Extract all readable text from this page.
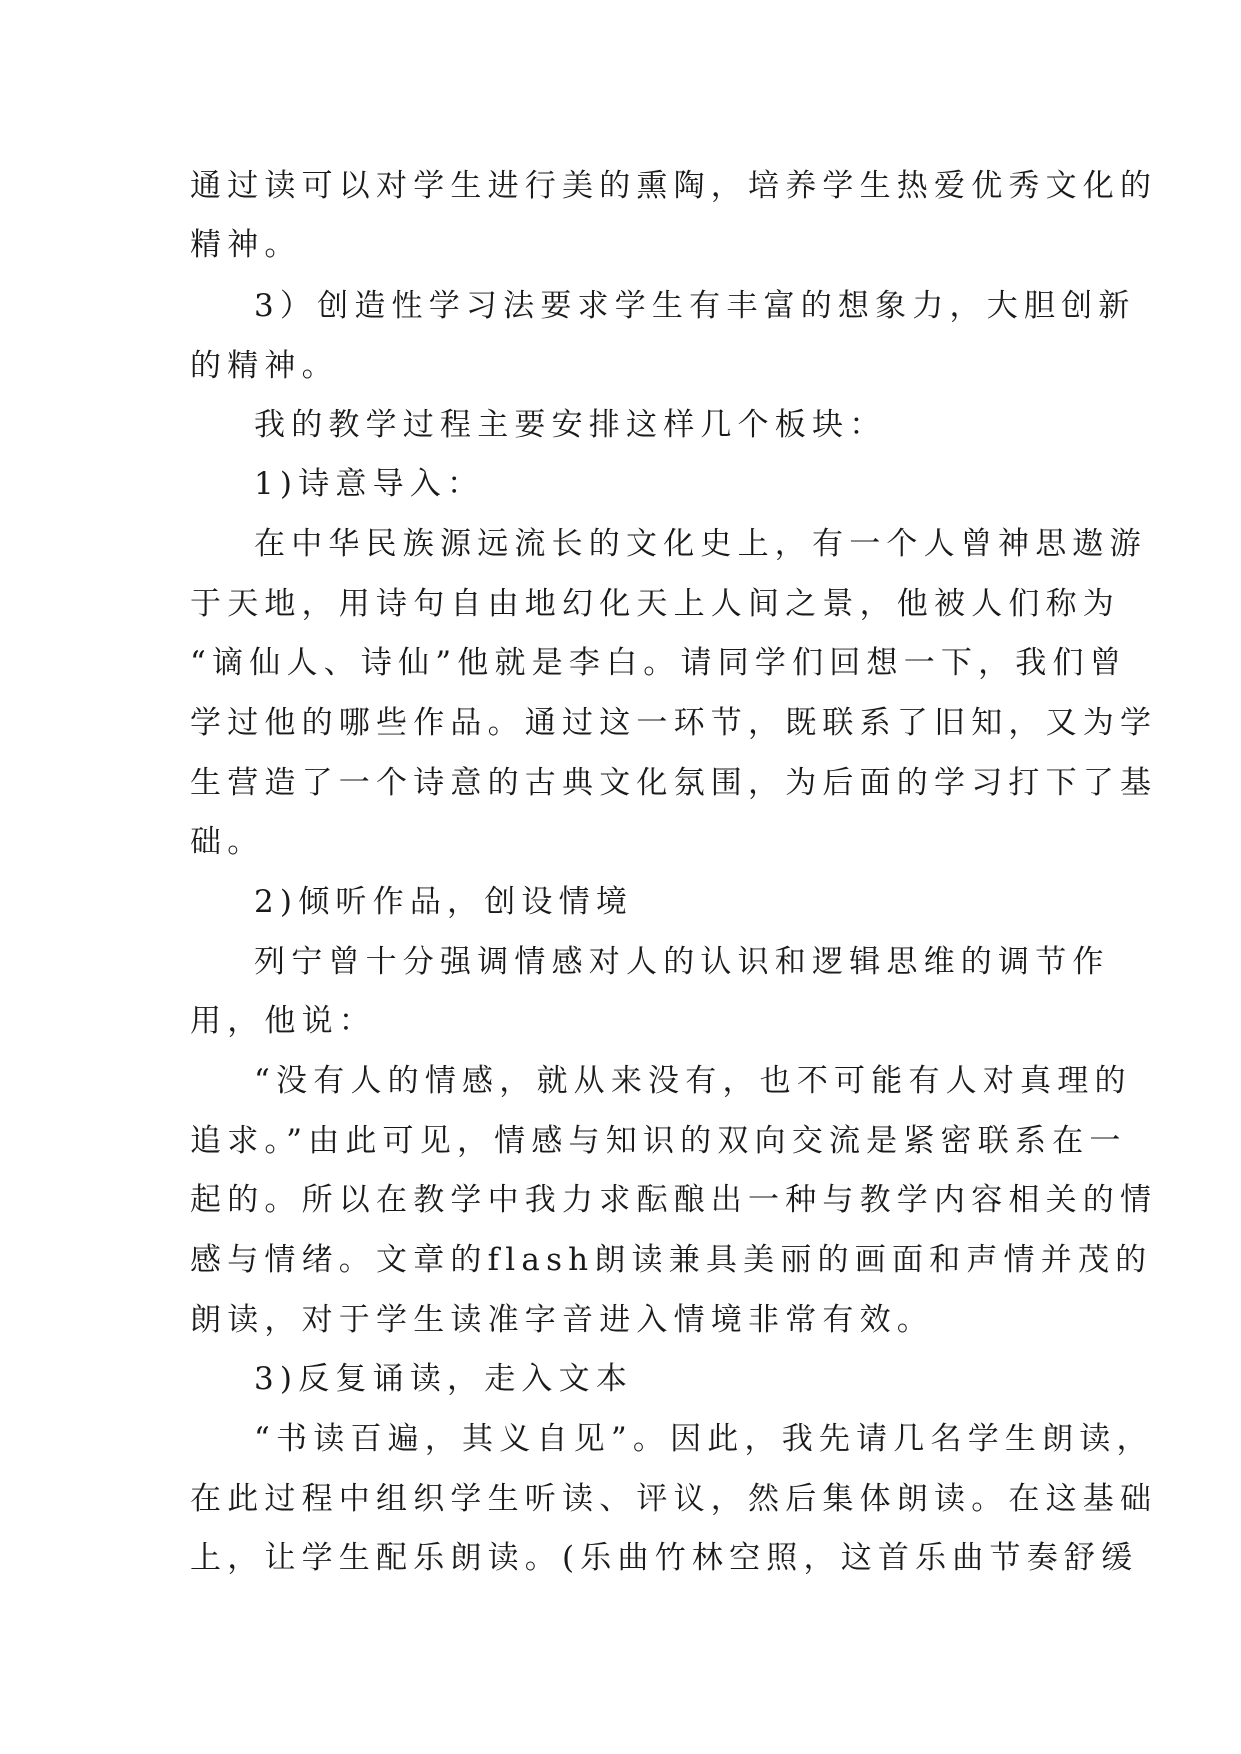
通过读可以对学生进行美的熏陶，培养学生热爱优秀文化的
精神。
3）创造性学习法要求学生有丰富的想象力，大胆创新
的精神。
我的教学过程主要安排这样几个板块：
1)诗意导入：
在中华民族源远流长的文化史上，有一个人曾神思遨游
于天地，用诗句自由地幻化天上人间之景，他被人们称为
“谪仙人、诗仙”他就是李白。请同学们回想一下，我们曾
学过他的哪些作品。通过这一环节，既联系了旧知，又为学
生营造了一个诗意的古典文化氛围，为后面的学习打下了基
础。
2)倾听作品，创设情境
列宁曾十分强调情感对人的认识和逻辑思维的调节作
用，他说：
“没有人的情感，就从来没有，也不可能有人对真理的
追求。”由此可见，情感与知识的双向交流是紧密联系在一
起的。所以在教学中我力求酝酿出一种与教学内容相关的情
感与情绪。文章的flash朗读兼具美丽的画面和声情并茂的
朗读，对于学生读准字音进入情境非常有效。
3)反复诵读，走入文本
“书读百遍，其义自见”。因此，我先请几名学生朗读，
在此过程中组织学生听读、评议，然后集体朗读。在这基础
上，让学生配乐朗读。(乐曲竹林空照，这首乐曲节奏舒缓
